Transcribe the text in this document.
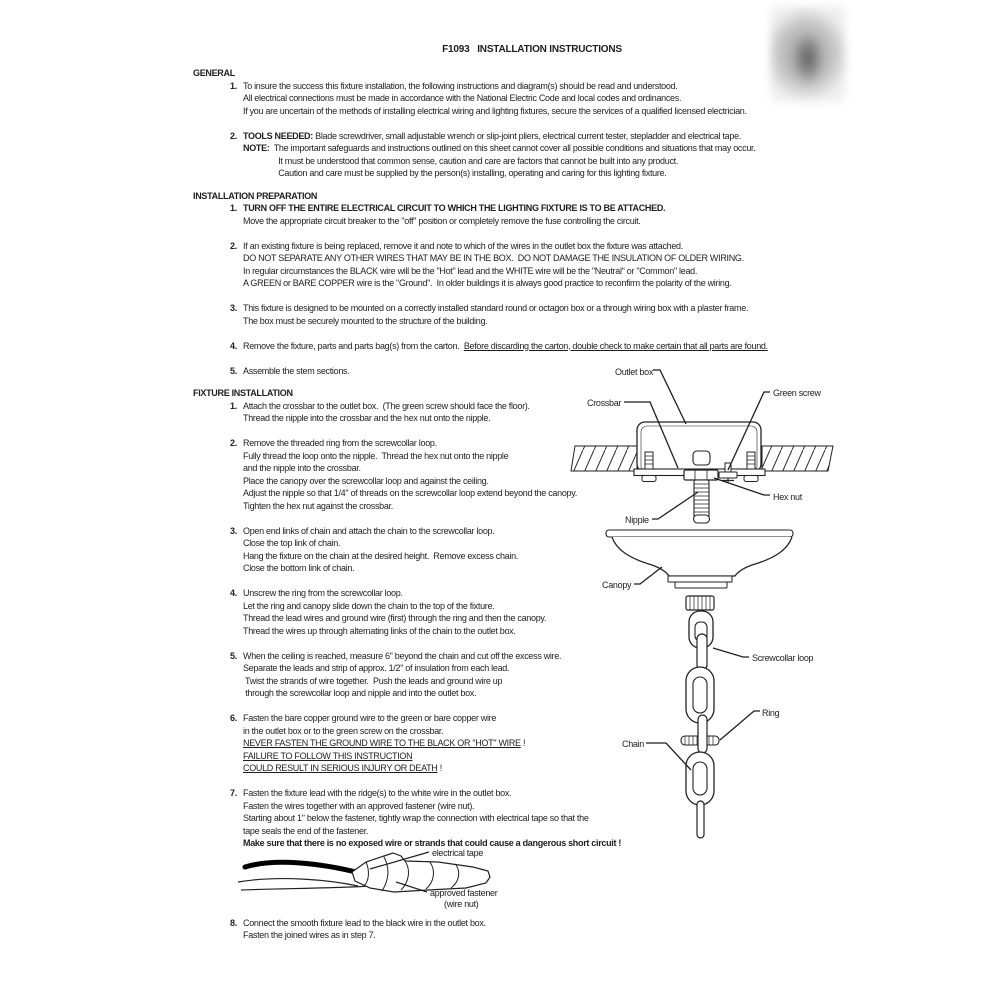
F1093   INSTALLATION INSTRUCTIONS
GENERAL
1. To insure the success this fixture installation, the following instructions and diagram(s) should be read and understood.
All electrical connections must be made in accordance with the National Electric Code and local codes and ordinances.
If you are uncertain of the methods of installing electrical wiring and lighting fixtures, secure the services of a qualified licensed electrician.
2. TOOLS NEEDED: Blade screwdriver, small adjustable wrench or slip-joint pliers, electrical current tester, stepladder and electrical tape.
NOTE:  The important safeguards and instructions outlined on this sheet cannot cover all possible conditions and situations that may occur.
It must be understood that common sense, caution and care are factors that cannot be built into any product.
Caution and care must be supplied by the person(s) installing, operating and caring for this lighting fixture.
INSTALLATION PREPARATION
1. TURN OFF THE ENTIRE ELECTRICAL CIRCUIT TO WHICH THE LIGHTING FIXTURE IS TO BE ATTACHED.
Move the appropriate circuit breaker to the "off" position or completely remove the fuse controlling the circuit.
2. If an existing fixture is being replaced, remove it and note to which of the wires in the outlet box the fixture was attached.
DO NOT SEPARATE ANY OTHER WIRES THAT MAY BE IN THE BOX.  DO NOT DAMAGE THE INSULATION OF OLDER WIRING.
In regular circumstances the BLACK wire will be the "Hot" lead and the WHITE wire will be the "Neutral" or "Common" lead.
A GREEN or BARE COPPER wire is the "Ground".  In older buildings it is always good practice to reconfirm the polarity of the wiring.
3. This fixture is designed to be mounted on a correctly installed standard round or octagon box or a through wiring box with a plaster frame.
The box must be securely mounted to the structure of the building.
4. Remove the fixture, parts and parts bag(s) from the carton.  Before discarding the carton, double check to make certain that all parts are found.
5. Assemble the stem sections.
FIXTURE INSTALLATION
1. Attach the crossbar to the outlet box.  (The green screw should face the floor).
Thread the nipple into the crossbar and the hex nut onto the nipple.
2. Remove the threaded ring from the screwcollar loop.
Fully thread the loop onto the nipple.  Thread the hex nut onto the nipple
and the nipple into the crossbar.
Place the canopy over the screwcollar loop and against the ceiling.
Adjust the nipple so that 1/4" of threads on the screwcollar loop extend beyond the canopy.
Tighten the hex nut against the crossbar.
3. Open end links of chain and attach the chain to the screwcollar loop.
Close the top link of chain.
Hang the fixture on the chain at the desired height.  Remove excess chain.
Close the bottom link of chain.
4. Unscrew the ring from the screwcollar loop.
Let the ring and canopy slide down the chain to the top of the fixture.
Thread the lead wires and ground wire (first) through the ring and then the canopy.
Thread the wires up through alternating links of the chain to the outlet box.
5. When the ceiling is reached, measure 6" beyond the chain and cut off the excess wire.
Separate the leads and strip of approx. 1/2" of insulation from each lead.
Twist the strands of wire together.  Push the leads and ground wire up
through the screwcollar loop and nipple and into the outlet box.
6. Fasten the bare copper ground wire to the green or bare copper wire
in the outlet box or to the green screw on the crossbar.
NEVER FASTEN THE GROUND WIRE TO THE BLACK OR "HOT" WIRE !
FAILURE TO FOLLOW THIS INSTRUCTION
COULD RESULT IN SERIOUS INJURY OR DEATH !
7. Fasten the fixture lead with the ridge(s) to the white wire in the outlet box.
Fasten the wires together with an approved fastener (wire nut).
Starting about 1" below the fastener, tightly wrap the connection with electrical tape so that the
tape seals the end of the fastener.
Make sure that there is no exposed wire or strands that could cause a dangerous short circuit !
8. Connect the smooth fixture lead to the black wire in the outlet box.
Fasten the joined wires as in step 7.
Outlet box
Green screw
Crossbar
Hex nut
Nipple
Canopy
Screwcollar loop
Ring
Chain
electrical tape
approved fastener
(wire nut)
